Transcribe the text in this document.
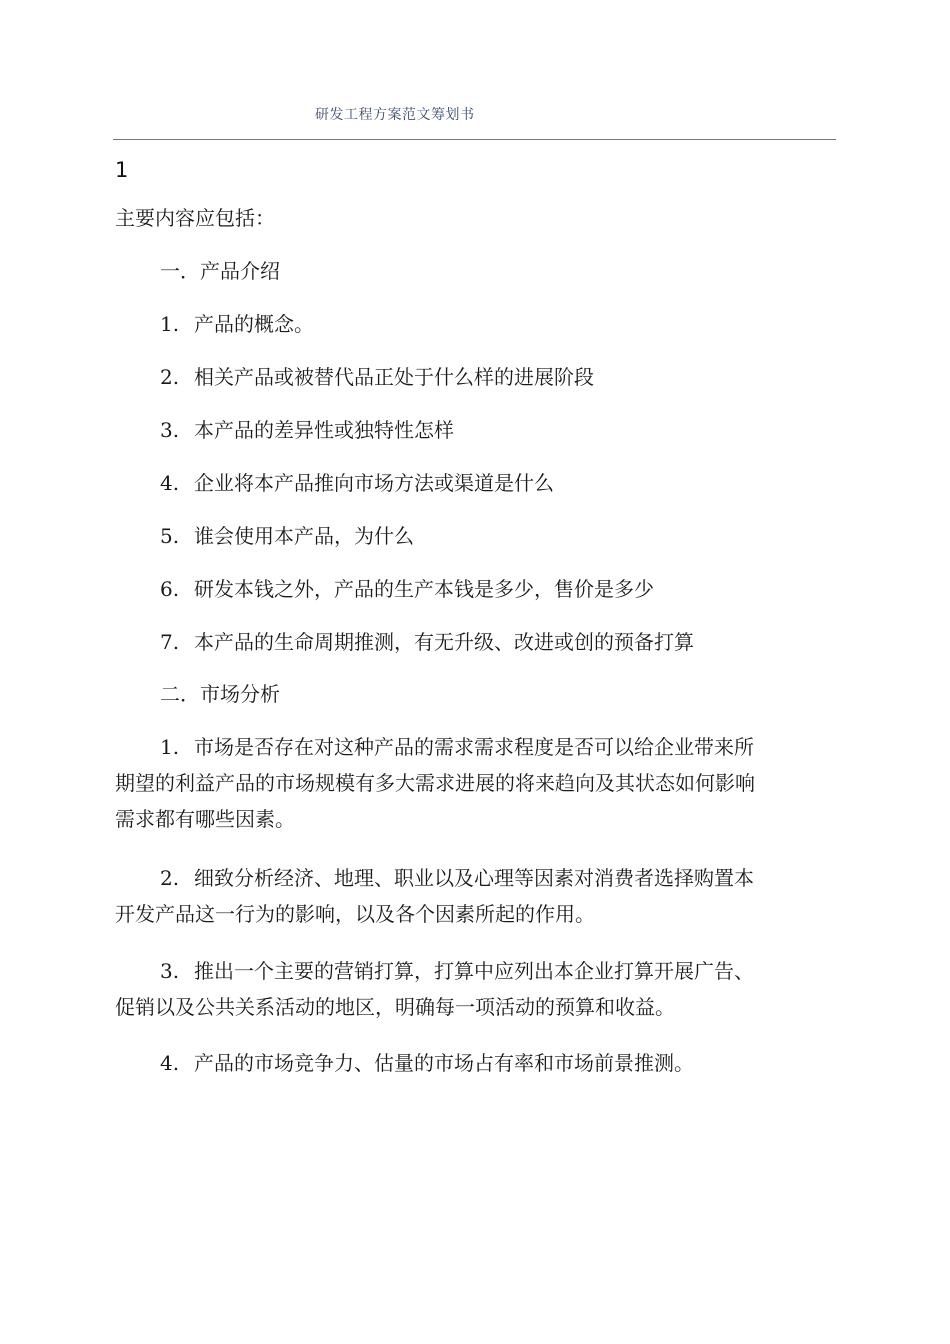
研发工程方案范文筹划书
1
主要内容应包括：
一．产品介绍
1. 产品的概念。
2. 相关产品或被替代品正处于什么样的进展阶段
3. 本产品的差异性或独特性怎样
4. 企业将本产品推向市场方法或渠道是什么
5. 谁会使用本产品，为什么
6. 研发本钱之外，产品的生产本钱是多少，售价是多少
7. 本产品的生命周期推测，有无升级、改进或创的预备打算
二．市场分析
1. 市场是否存在对这种产品的需求需求程度是否可以给企业带来所
期望的利益产品的市场规模有多大需求进展的将来趋向及其状态如何影响
需求都有哪些因素。
2. 细致分析经济、地理、职业以及心理等因素对消费者选择购置本
开发产品这一行为的影响，以及各个因素所起的作用。
3. 推出一个主要的营销打算，打算中应列出本企业打算开展广告、
促销以及公共关系活动的地区，明确每一项活动的预算和收益。
4. 产品的市场竞争力、估量的市场占有率和市场前景推测。
